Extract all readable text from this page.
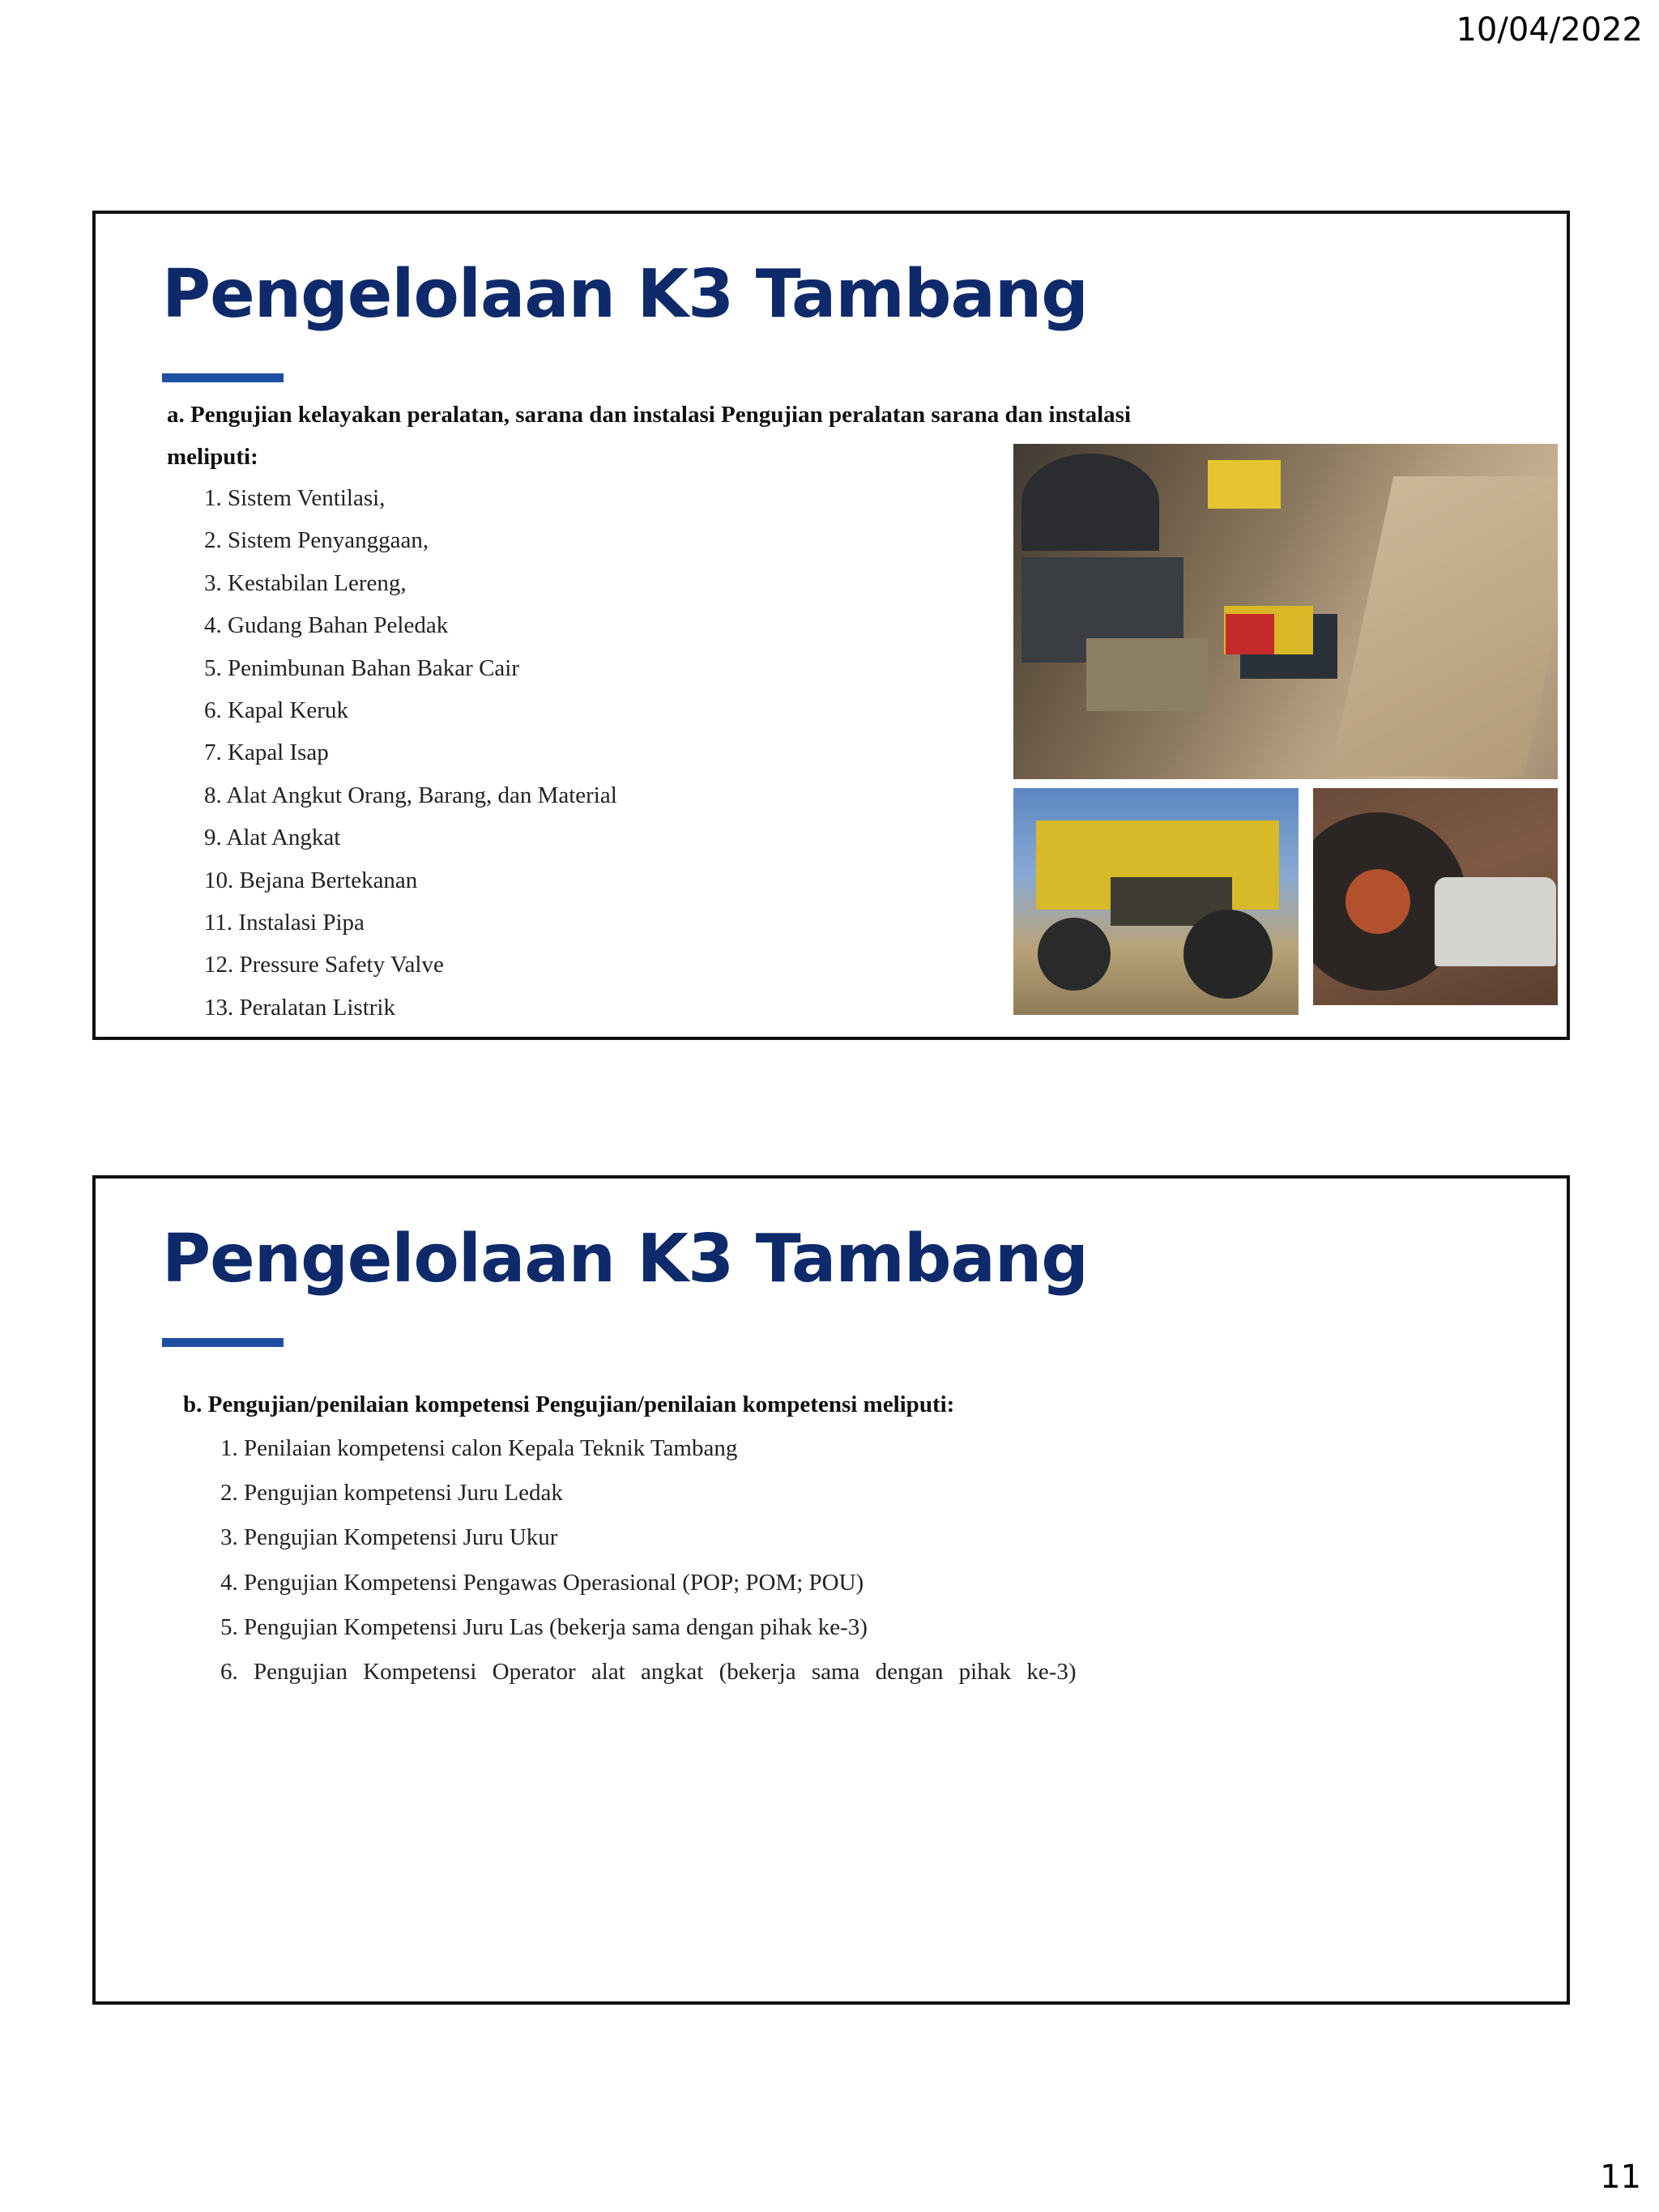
10/04/2022
Pengelolaan K3 Tambang

a. Pengujian kelayakan peralatan, sarana dan instalasi Pengujian peralatan sarana dan instalasi meliputi:

1. Sistem Ventilasi,
2. Sistem Penyanggaan,
3. Kestabilan Lereng,
4. Gudang Bahan Peledak
5. Penimbunan Bahan Bakar Cair
6. Kapal Keruk
7. Kapal Isap
8. Alat Angkut Orang, Barang, dan Material
9. Alat Angkat
10. Bejana Bertekanan
11. Instalasi Pipa
12. Pressure Safety Valve
13. Peralatan Listrik
Pengelolaan K3 Tambang

b. Pengujian/penilaian kompetensi Pengujian/penilaian kompetensi meliputi:

1. Penilaian kompetensi calon Kepala Teknik Tambang
2. Pengujian kompetensi Juru Ledak
3. Pengujian Kompetensi Juru Ukur
4. Pengujian Kompetensi Pengawas Operasional (POP; POM; POU)
5. Pengujian Kompetensi Juru Las (bekerja sama dengan pihak ke-3)
6. Pengujian Kompetensi Operator alat angkat (bekerja sama dengan pihak ke-3)
11
